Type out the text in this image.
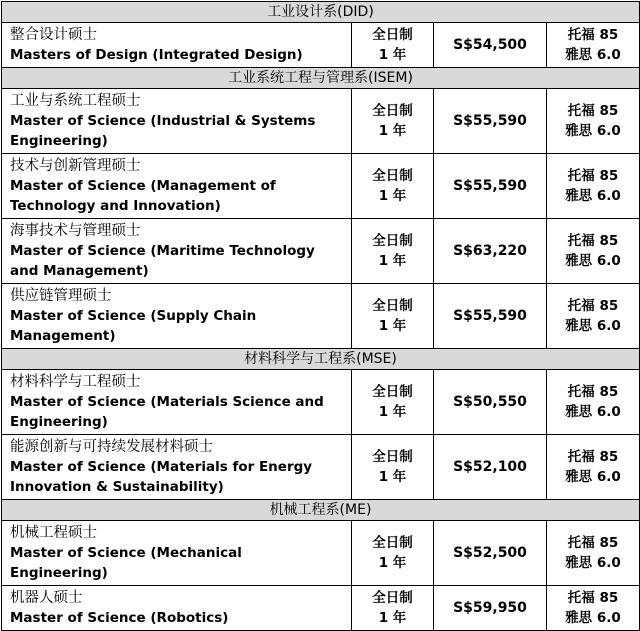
工业设计系(DID)			

整合设计硕士
Masters of Design (Integrated Design)	全日制
1 年	S$54,500	托福 85
雅思 6.0

工业系统工程与管理系(ISEM)			

工业与系统工程硕士
Master of Science (Industrial & Systems Engineering)	全日制
1 年	S$55,590	托福 85
雅思 6.0

技术与创新管理硕士
Master of Science (Management of Technology and Innovation)	全日制
1 年	S$55,590	托福 85
雅思 6.0

海事技术与管理硕士
Master of Science (Maritime Technology and Management)	全日制
1 年	S$63,220	托福 85
雅思 6.0

供应链管理硕士
Master of Science (Supply Chain Management)	全日制
1 年	S$55,590	托福 85
雅思 6.0

材料科学与工程系(MSE)			

材料科学与工程硕士
Master of Science (Materials Science and Engineering)	全日制
1 年	S$50,550	托福 85
雅思 6.0

能源创新与可持续发展材料硕士
Master of Science (Materials for Energy Innovation & Sustainability)	全日制
1 年	S$52,100	托福 85
雅思 6.0

机械工程系(ME)			

机械工程硕士
Master of Science (Mechanical Engineering)	全日制
1 年	S$52,500	托福 85
雅思 6.0

机器人硕士
Master of Science (Robotics)	全日制
1 年	S$59,950	托福 85
雅思 6.0
